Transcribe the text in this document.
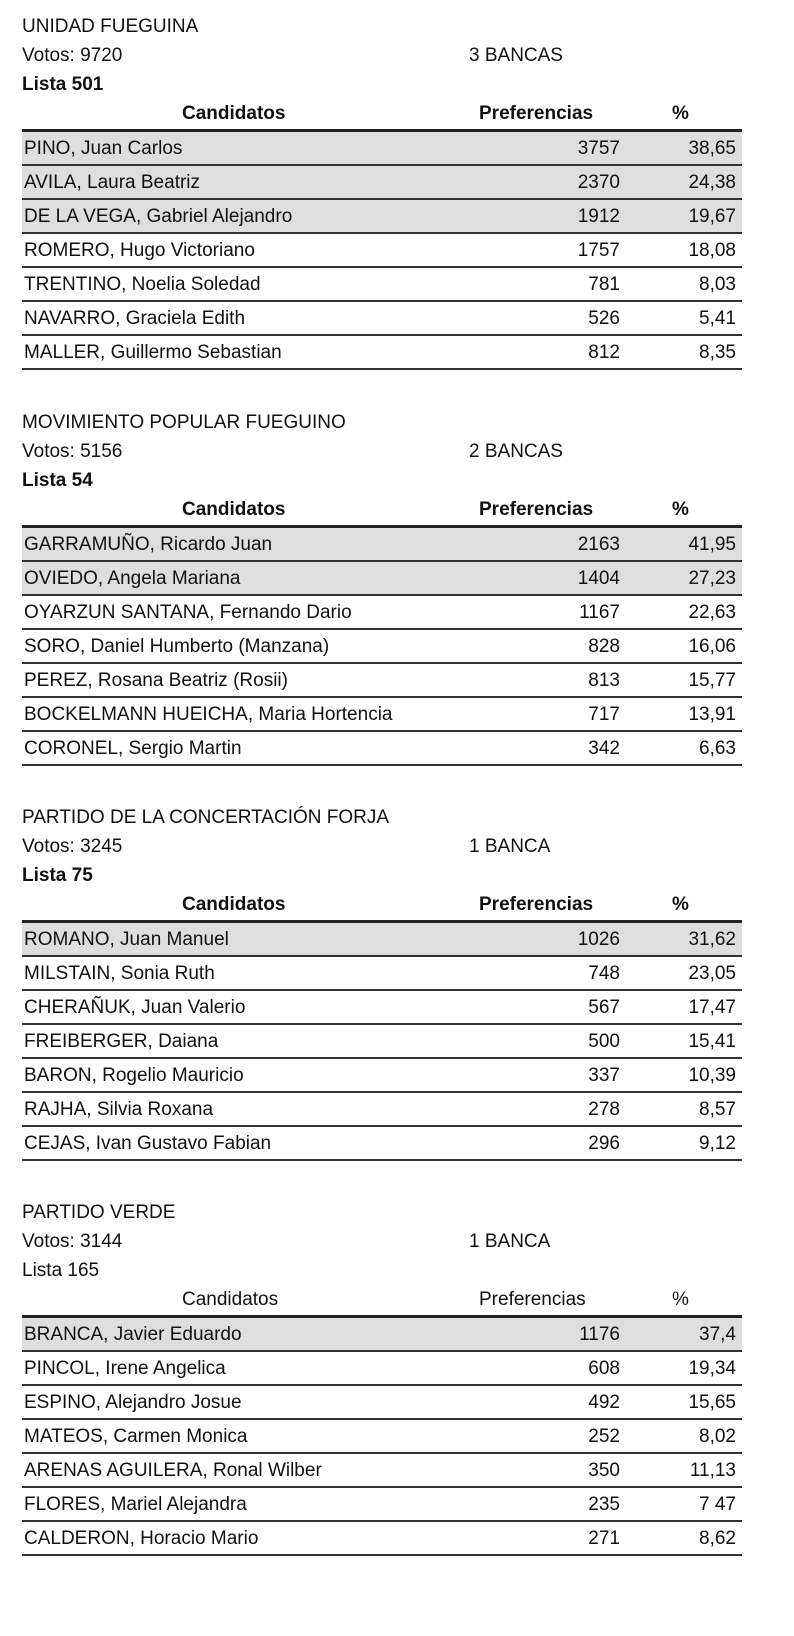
UNIDAD FUEGUINA
Votos: 9720	3 BANCAS
Lista 501
Candidatos	Preferencias	%
PINO, Juan Carlos	3757	38,65
AVILA, Laura Beatriz	2370	24,38
DE LA VEGA, Gabriel Alejandro	1912	19,67
ROMERO, Hugo Victoriano	1757	18,08
TRENTINO, Noelia Soledad	781	8,03
NAVARRO, Graciela Edith	526	5,41
MALLER, Guillermo Sebastian	812	8,35
MOVIMIENTO POPULAR FUEGUINO
Votos: 5156	2 BANCAS
Lista 54
Candidatos	Preferencias	%
GARRAMUÑO, Ricardo Juan	2163	41,95
OVIEDO, Angela Mariana	1404	27,23
OYARZUN SANTANA, Fernando Dario	1167	22,63
SORO, Daniel Humberto (Manzana)	828	16,06
PEREZ, Rosana Beatriz (Rosii)	813	15,77
BOCKELMANN HUEICHA, Maria Hortencia	717	13,91
CORONEL, Sergio Martin	342	6,63
PARTIDO DE LA CONCERTACIÓN FORJA
Votos: 3245	1 BANCA
Lista 75
Candidatos	Preferencias	%
ROMANO, Juan Manuel	1026	31,62
MILSTAIN, Sonia Ruth	748	23,05
CHERAÑUK, Juan Valerio	567	17,47
FREIBERGER, Daiana	500	15,41
BARON, Rogelio Mauricio	337	10,39
RAJHA, Silvia Roxana	278	8,57
CEJAS, Ivan Gustavo Fabian	296	9,12
PARTIDO VERDE
Votos: 3144	1 BANCA
Lista 165
Candidatos	Preferencias	%
BRANCA, Javier Eduardo	1176	37,4
PINCOL, Irene Angelica	608	19,34
ESPINO, Alejandro Josue	492	15,65
MATEOS, Carmen Monica	252	8,02
ARENAS AGUILERA, Ronal Wilber	350	11,13
FLORES, Mariel Alejandra	235	7 47
CALDERON, Horacio Mario	271	8,62
